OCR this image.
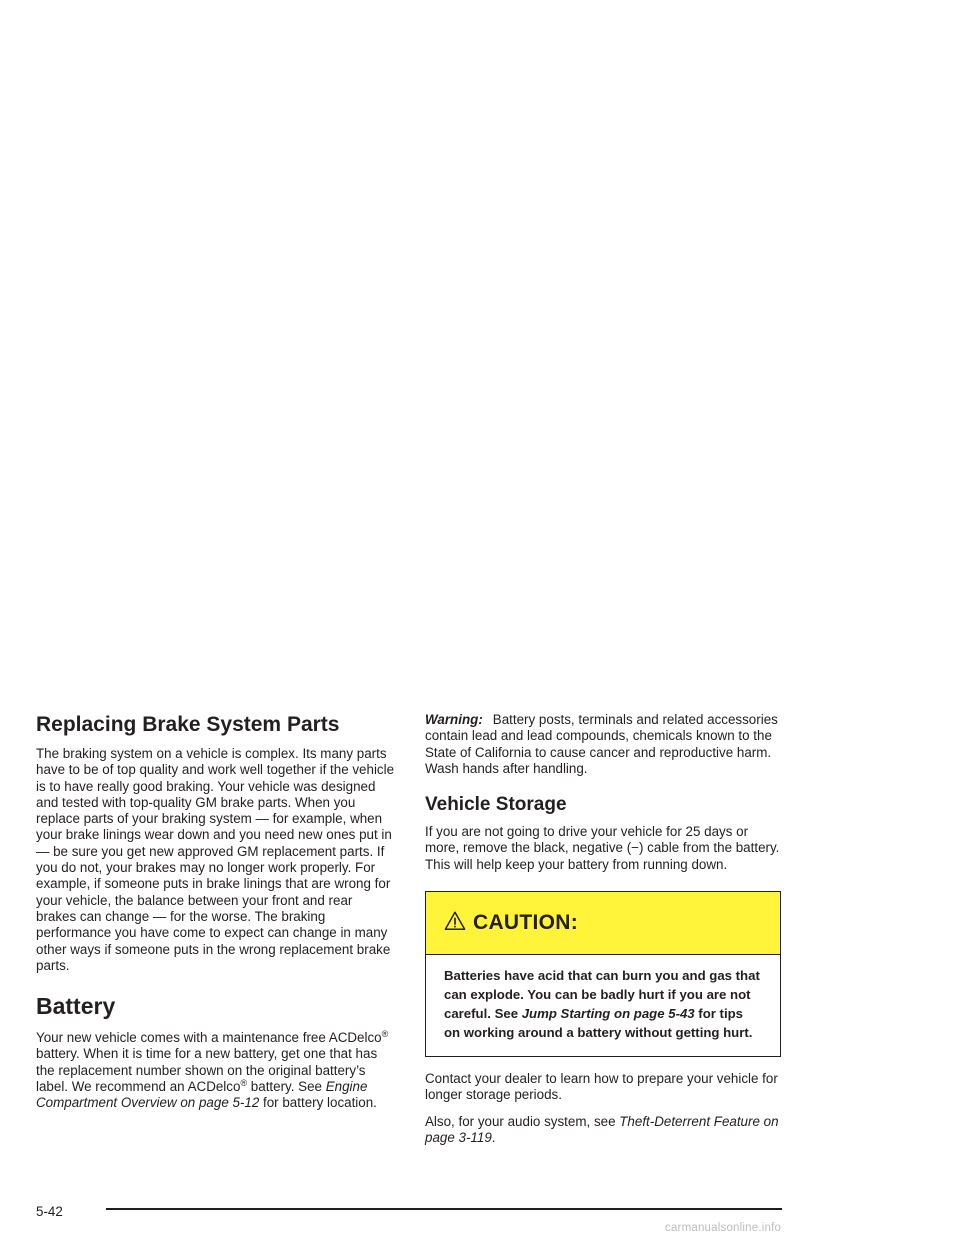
Replacing Brake System Parts

The braking system on a vehicle is complex. Its many parts have to be of top quality and work well together if the vehicle is to have really good braking. Your vehicle was designed and tested with top-quality GM brake parts. When you replace parts of your braking system — for example, when your brake linings wear down and you need new ones put in — be sure you get new approved GM replacement parts. If you do not, your brakes may no longer work properly. For example, if someone puts in brake linings that are wrong for your vehicle, the balance between your front and rear brakes can change — for the worse. The braking performance you have come to expect can change in many other ways if someone puts in the wrong replacement brake parts.

Battery

Your new vehicle comes with a maintenance free ACDelco® battery. When it is time for a new battery, get one that has the replacement number shown on the original battery’s label. We recommend an ACDelco® battery. See Engine Compartment Overview on page 5-12 for battery location.

Warning: Battery posts, terminals and related accessories contain lead and lead compounds, chemicals known to the State of California to cause cancer and reproductive harm. Wash hands after handling.

Vehicle Storage

If you are not going to drive your vehicle for 25 days or more, remove the black, negative (−) cable from the battery. This will help keep your battery from running down.

CAUTION:

Batteries have acid that can burn you and gas that can explode. You can be badly hurt if you are not careful. See Jump Starting on page 5-43 for tips on working around a battery without getting hurt.

Contact your dealer to learn how to prepare your vehicle for longer storage periods.

Also, for your audio system, see Theft-Deterrent Feature on page 3-119.

5-42
carmanualsonline.info
